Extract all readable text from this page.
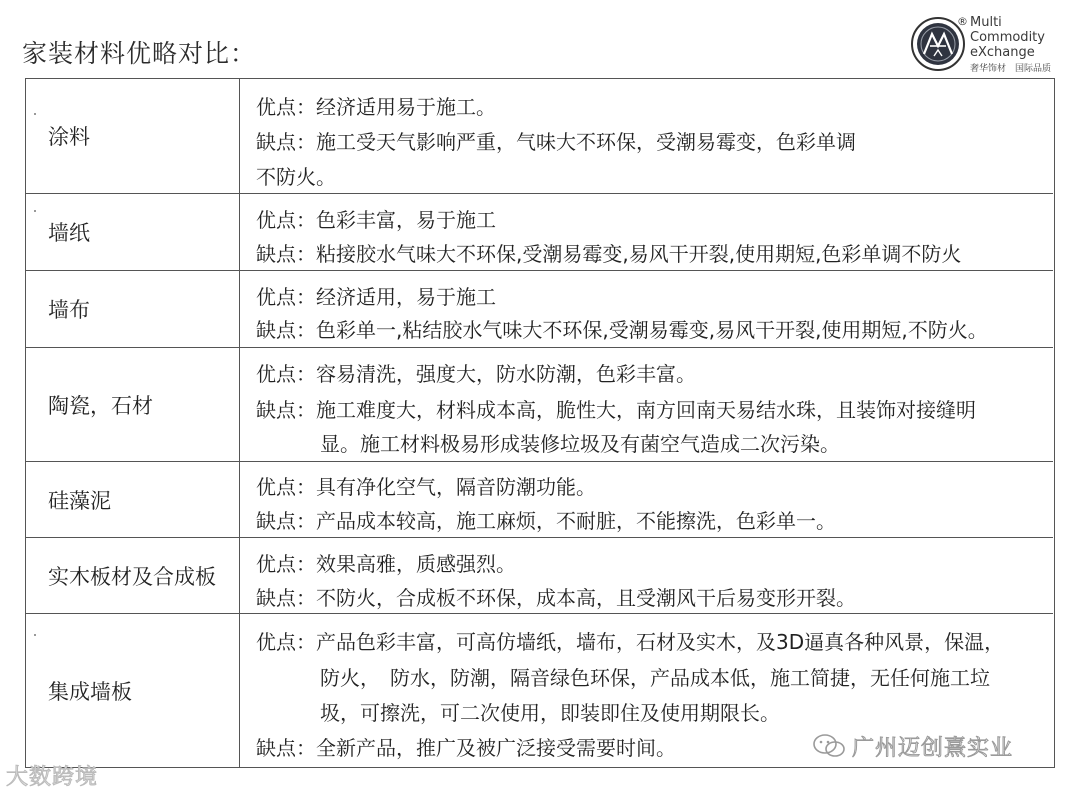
家装材料优略对比：
® Multi
Commodity
eXchange
奢华饰材　国际品质
涂料
优点：经济适用易于施工。
缺点：施工受天气影响严重，气味大不环保，受潮易霉变，色彩单调
不防火。
墙纸
优点：色彩丰富，易于施工
缺点：粘接胶水气味大不环保,受潮易霉变,易风干开裂,使用期短,色彩单调不防火
墙布
优点：经济适用，易于施工
缺点：色彩单一,粘结胶水气味大不环保,受潮易霉变,易风干开裂,使用期短,不防火。
陶瓷，石材
优点：容易清洗，强度大，防水防潮，色彩丰富。
缺点：施工难度大，材料成本高，脆性大，南方回南天易结水珠，且装饰对接缝明
显。施工材料极易形成装修垃圾及有菌空气造成二次污染。
硅藻泥
优点：具有净化空气，隔音防潮功能。
缺点：产品成本较高，施工麻烦，不耐脏，不能擦洗，色彩单一。
实木板材及合成板
优点：效果高雅，质感强烈。
缺点：不防火，合成板不环保，成本高，且受潮风干后易变形开裂。
集成墙板
优点：产品色彩丰富，可高仿墙纸，墙布，石材及实木，及3D逼真各种风景，保温，
防火，　防水，防潮，隔音绿色环保，产品成本低，施工简捷，无任何施工垃
圾，可擦洗，可二次使用，即装即住及使用期限长。
缺点：全新产品，推广及被广泛接受需要时间。
大数跨境
广州迈创熹实业
